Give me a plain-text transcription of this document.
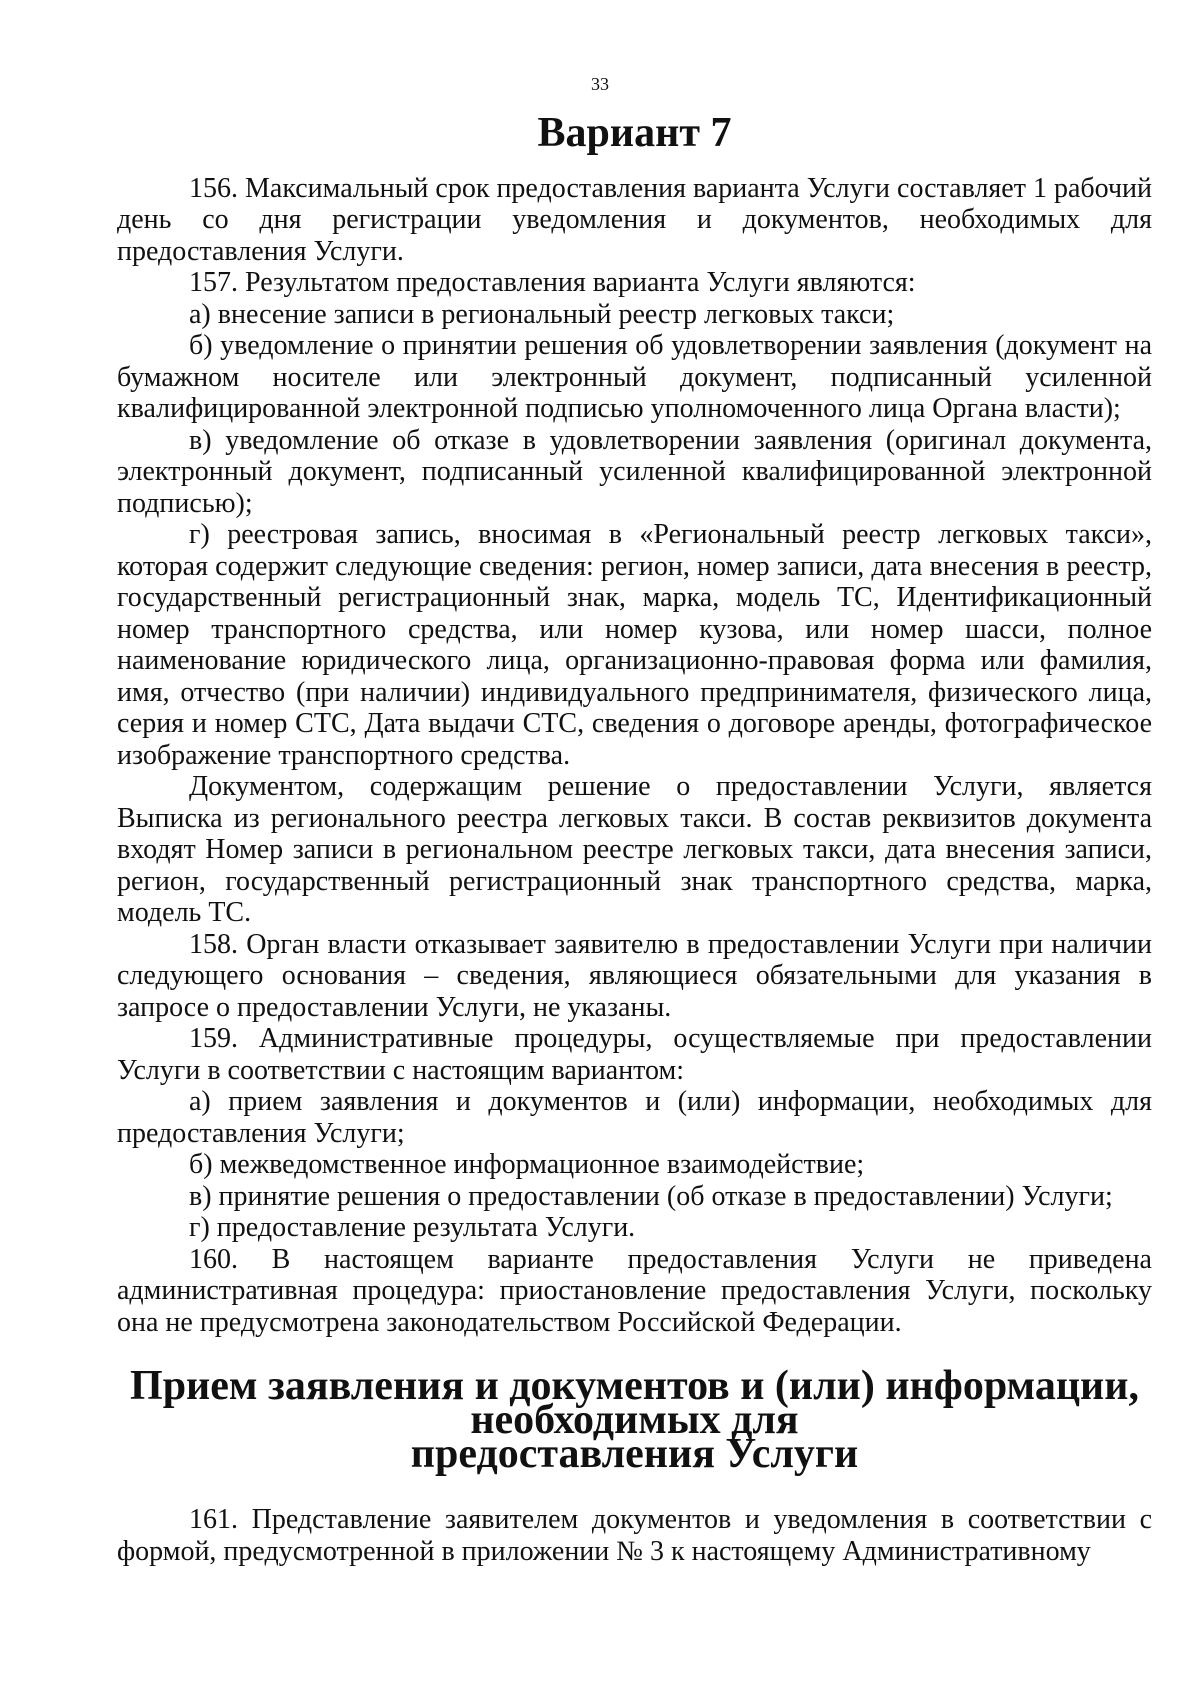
33
Вариант 7

156. Максимальный срок предоставления варианта Услуги составляет 1 рабочий день со дня регистрации уведомления и документов, необходимых для предоставления Услуги.

157. Результатом предоставления варианта Услуги являются:

а) внесение записи в региональный реестр легковых такси;

б) уведомление о принятии решения об удовлетворении заявления (документ на бумажном носителе или электронный документ, подписанный усиленной квалифицированной электронной подписью уполномоченного лица Органа власти);

в) уведомление об отказе в удовлетворении заявления (оригинал документа, электронный документ, подписанный усиленной квалифицированной электронной подписью);

г) реестровая запись, вносимая в «Региональный реестр легковых такси», которая содержит следующие сведения: регион, номер записи, дата внесения в реестр, государственный регистрационный знак, марка, модель ТС, Идентификационный номер транспортного средства, или номер кузова, или номер шасси, полное наименование юридического лица, организационно-правовая форма или фамилия, имя, отчество (при наличии) индивидуального предпринимателя, физического лица, серия и номер СТС, Дата выдачи СТС, сведения о договоре аренды, фотографическое изображение транспортного средства.

Документом, содержащим решение о предоставлении Услуги, является Выписка из регионального реестра легковых такси. В состав реквизитов документа входят Номер записи в региональном реестре легковых такси, дата внесения записи, регион, государственный регистрационный знак транспортного средства, марка, модель ТС.

158. Орган власти отказывает заявителю в предоставлении Услуги при наличии следующего основания – сведения, являющиеся обязательными для указания в запросе о предоставлении Услуги, не указаны.

159. Административные процедуры, осуществляемые при предоставлении Услуги в соответствии с настоящим вариантом:

а) прием заявления и документов и (или) информации, необходимых для предоставления Услуги;

б) межведомственное информационное взаимодействие;

в) принятие решения о предоставлении (об отказе в предоставлении) Услуги;

г) предоставление результата Услуги.

160. В настоящем варианте предоставления Услуги не приведена административная процедура: приостановление предоставления Услуги, поскольку она не предусмотрена законодательством Российской Федерации.

Прием заявления и документов и (или) информации, необходимых для
предоставления Услуги

161. Представление заявителем документов и уведомления в соответствии с формой, предусмотренной в приложении № 3 к настоящему Административному
